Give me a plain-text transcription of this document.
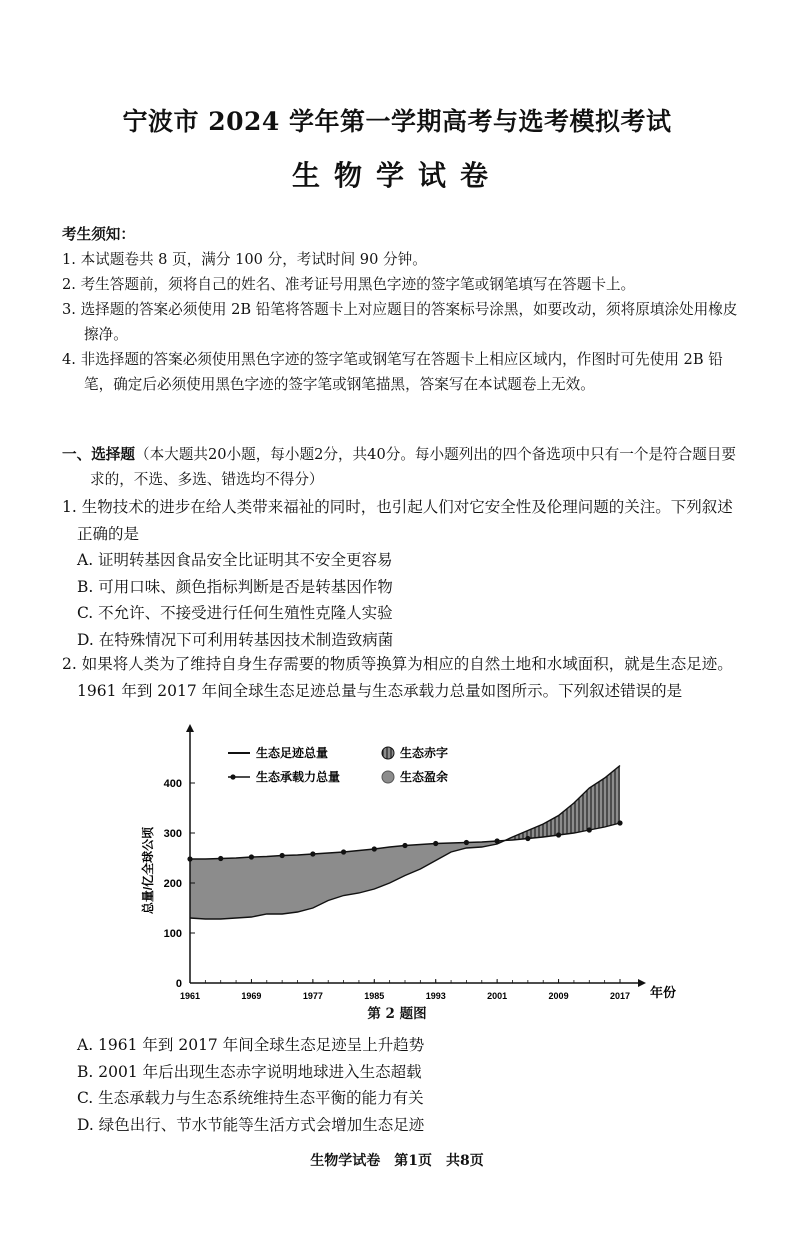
宁波市 2024 学年第一学期高考与选考模拟考试
生物学试卷
考生须知：
1. 本试题卷共 8 页，满分 100 分，考试时间 90 分钟。
2. 考生答题前，须将自己的姓名、准考证号用黑色字迹的签字笔或钢笔填写在答题卡上。
3. 选择题的答案必须使用 2B 铅笔将答题卡上对应题目的答案标号涂黑，如要改动，须将原填涂处用橡皮擦净。
4. 非选择题的答案必须使用黑色字迹的签字笔或钢笔写在答题卡上相应区域内，作图时可先使用 2B 铅笔，确定后必须使用黑色字迹的签字笔或钢笔描黑，答案写在本试题卷上无效。
一、选择题（本大题共20小题，每小题2分，共40分。每小题列出的四个备选项中只有一个是符合题目要求的，不选、多选、错选均不得分）
1. 生物技术的进步在给人类带来福祉的同时，也引起人们对它安全性及伦理问题的关注。下列叙述正确的是
A. 证明转基因食品安全比证明其不安全更容易
B. 可用口味、颜色指标判断是否是转基因作物
C. 不允许、不接受进行任何生殖性克隆人实验
D. 在特殊情况下可利用转基因技术制造致病菌
2. 如果将人类为了维持自身生存需要的物质等换算为相应的自然土地和水域面积，就是生态足迹。1961 年到 2017 年间全球生态足迹总量与生态承载力总量如图所示。下列叙述错误的是
0
100
200
300
400
1961	1969	1977	1985	1993	2001	2009	2017 年份
总量/亿全球公顷
生态足迹总量	生态赤字
生态承载力总量	生态盈余
第 2 题图
A. 1961 年到 2017 年间全球生态足迹呈上升趋势
B. 2001 年后出现生态赤字说明地球进入生态超载
C. 生态承载力与生态系统维持生态平衡的能力有关
D. 绿色出行、节水节能等生活方式会增加生态足迹
生物学试卷　第1页　共8页
